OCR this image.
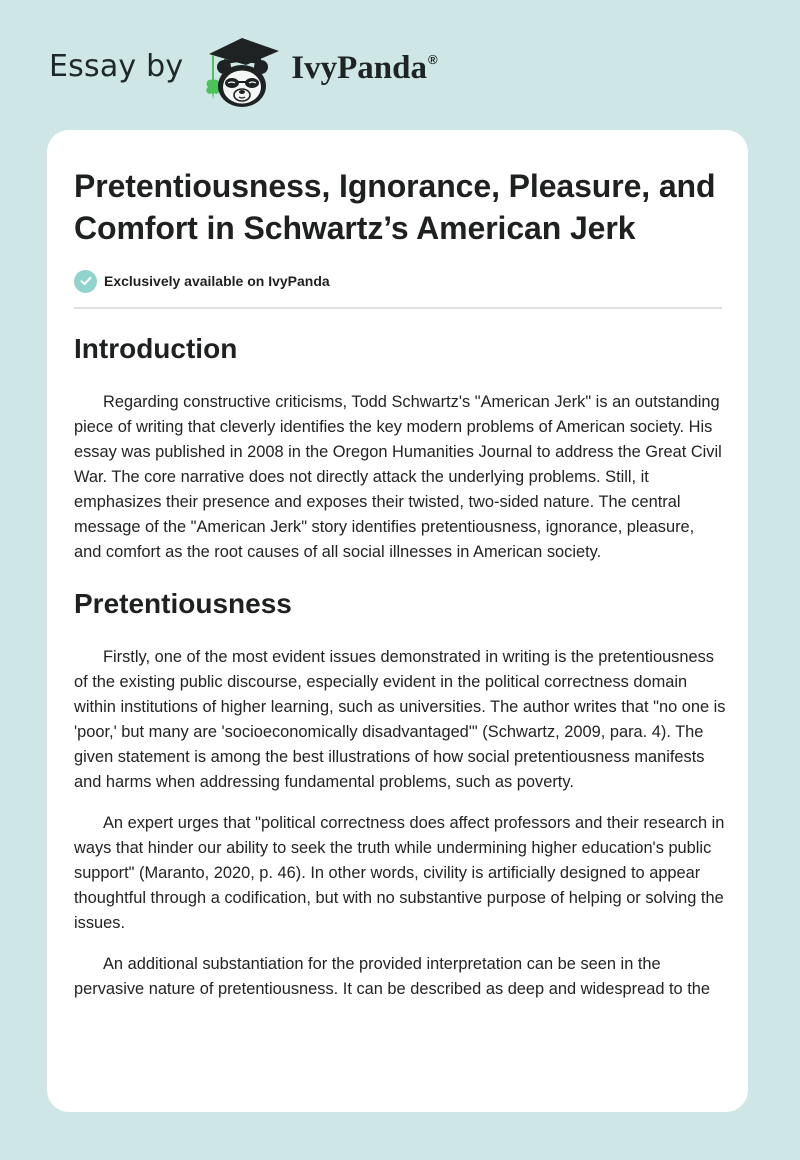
Essay by	IvyPanda®
Pretentiousness, Ignorance, Pleasure, and Comfort in Schwartz’s American Jerk
Exclusively available on IvyPanda
Introduction

Regarding constructive criticisms, Todd Schwartz's "American Jerk" is an outstanding piece of writing that cleverly identifies the key modern problems of American society. His essay was published in 2008 in the Oregon Humanities Journal to address the Great Civil War. The core narrative does not directly attack the underlying problems. Still, it emphasizes their presence and exposes their twisted, two-sided nature. The central message of the "American Jerk" story identifies pretentiousness, ignorance, pleasure, and comfort as the root causes of all social illnesses in American society.

Pretentiousness

Firstly, one of the most evident issues demonstrated in writing is the pretentiousness of the existing public discourse, especially evident in the political correctness domain within institutions of higher learning, such as universities. The author writes that "no one is 'poor,' but many are 'socioeconomically disadvantaged'" (Schwartz, 2009, para. 4). The given statement is among the best illustrations of how social pretentiousness manifests and harms when addressing fundamental problems, such as poverty.

An expert urges that "political correctness does affect professors and their research in ways that hinder our ability to seek the truth while undermining higher education's public support" (Maranto, 2020, p. 46). In other words, civility is artificially designed to appear thoughtful through a codification, but with no substantive purpose of helping or solving the issues.

An additional substantiation for the provided interpretation can be seen in the pervasive nature of pretentiousness. It can be described as deep and widespread to the
